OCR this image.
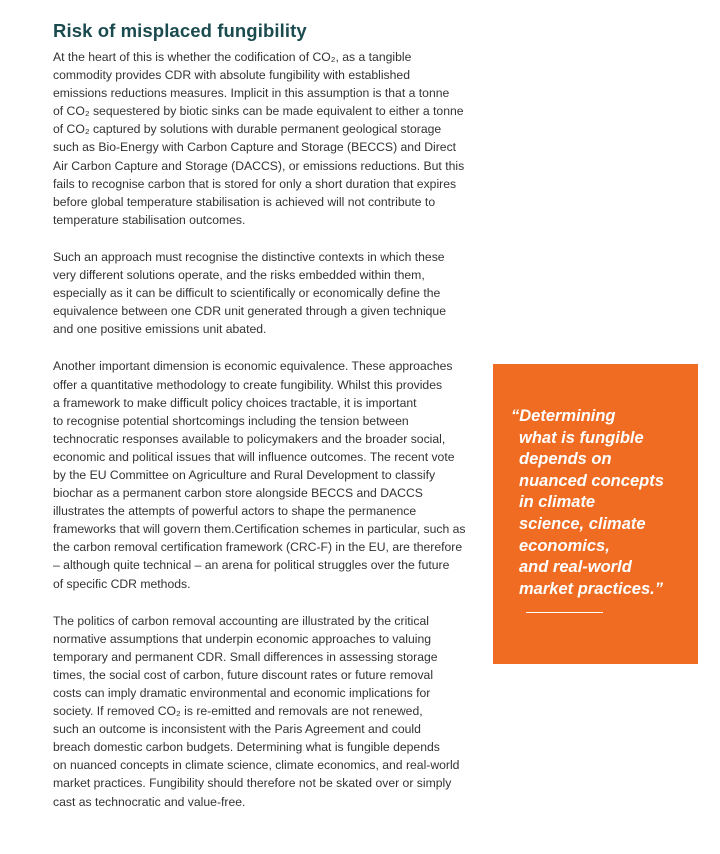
Risk of misplaced fungibility

At the heart of this is whether the codification of CO₂, as a tangible
commodity provides CDR with absolute fungibility with established
emissions reductions measures. Implicit in this assumption is that a tonne
of CO₂ sequestered by biotic sinks can be made equivalent to either a tonne
of CO₂ captured by solutions with durable permanent geological storage
such as Bio-Energy with Carbon Capture and Storage (BECCS) and Direct
Air Carbon Capture and Storage (DACCS), or emissions reductions. But this
fails to recognise carbon that is stored for only a short duration that expires
before global temperature stabilisation is achieved will not contribute to
temperature stabilisation outcomes.

Such an approach must recognise the distinctive contexts in which these
very different solutions operate, and the risks embedded within them,
especially as it can be difficult to scientifically or economically define the
equivalence between one CDR unit generated through a given technique
and one positive emissions unit abated.

Another important dimension is economic equivalence. These approaches
offer a quantitative methodology to create fungibility. Whilst this provides
a framework to make difficult policy choices tractable, it is important
to recognise potential shortcomings including the tension between
technocratic responses available to policymakers and the broader social,
economic and political issues that will influence outcomes. The recent vote
by the EU Committee on Agriculture and Rural Development to classify
biochar as a permanent carbon store alongside BECCS and DACCS
illustrates the attempts of powerful actors to shape the permanence
frameworks that will govern them.Certification schemes in particular, such as
the carbon removal certification framework (CRC-F) in the EU, are therefore
– although quite technical – an arena for political struggles over the future
of specific CDR methods.

The politics of carbon removal accounting are illustrated by the critical
normative assumptions that underpin economic approaches to valuing
temporary and permanent CDR. Small differences in assessing storage
times, the social cost of carbon, future discount rates or future removal
costs can imply dramatic environmental and economic implications for
society. If removed CO₂ is re-emitted and removals are not renewed,
such an outcome is inconsistent with the Paris Agreement and could
breach domestic carbon budgets. Determining what is fungible depends
on nuanced concepts in climate science, climate economics, and real-world
market practices. Fungibility should therefore not be skated over or simply
cast as technocratic and value-free.

“Determining
what is fungible
depends on
nuanced concepts
in climate
science, climate
economics,
and real-world
market practices.”
